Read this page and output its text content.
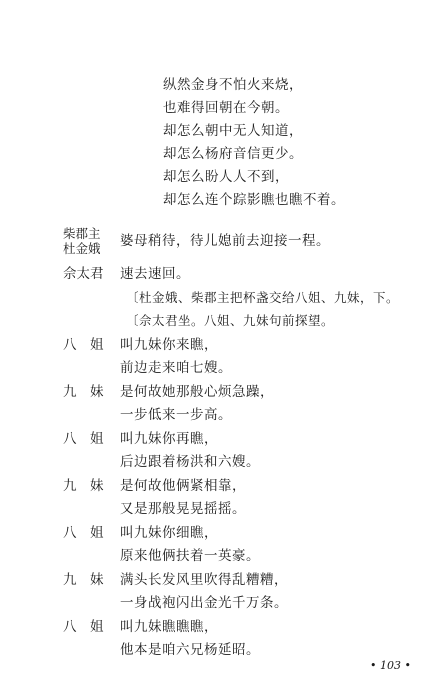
纵然金身不怕火来烧，
也难得回朝在今朝。
却怎么朝中无人知道，
却怎么杨府音信更少。
却怎么盼人人不到，
却怎么连个踪影瞧也瞧不着。
柴郡主
杜金娥 婆母稍待，待儿媳前去迎接一程。
佘太君 速去速回。
〔杜金娥、柴郡主把杯盏交给八姐、九妹，下。
〔佘太君坐。八姐、九妹句前探望。
八　姐 叫九妹你来瞧，
前边走来咱七嫂。
九　妹 是何故她那般心烦急躁，
一步低来一步高。
八　姐 叫九妹你再瞧，
后边跟着杨洪和六嫂。
九　妹 是何故他俩紧相靠，
又是那般晃晃摇摇。
八　姐 叫九妹你细瞧，
原来他俩扶着一英豪。
九　妹 满头长发风里吹得乱糟糟，
一身战袍闪出金光千万条。
八　姐 叫九妹瞧瞧瞧，
他本是咱六兄杨延昭。
• 103 •
